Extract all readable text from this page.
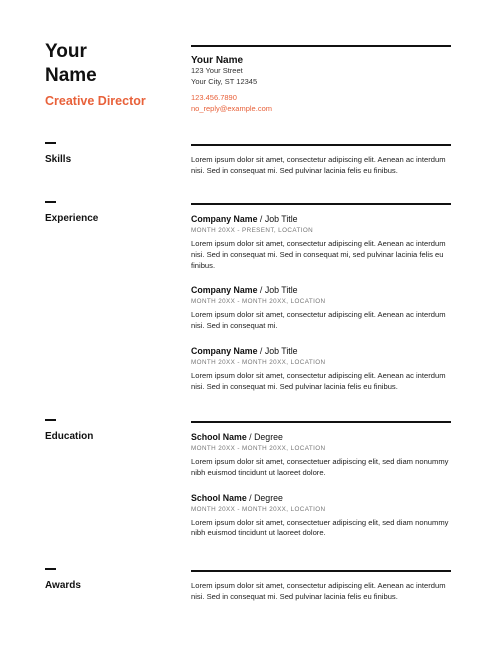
Your
Name
Creative Director
Your Name
123 Your Street
Your City, ST 12345
123.456.7890
no_reply@example.com
Skills	Lorem ipsum dolor sit amet, consectetur adipiscing elit. Aenean ac interdum nisi. Sed in consequat mi. Sed pulvinar lacinia felis eu finibus.
Experience	Company Name / Job Title
MONTH 20XX - PRESENT, LOCATION
Lorem ipsum dolor sit amet, consectetur adipiscing elit. Aenean ac interdum nisi. Sed in consequat mi. Sed in consequat mi, sed pulvinar lacinia felis eu finibus.
Company Name / Job Title
MONTH 20XX - MONTH 20XX, LOCATION
Lorem ipsum dolor sit amet, consectetur adipiscing elit. Aenean ac interdum nisi. Sed in consequat mi.
Company Name / Job Title
MONTH 20XX - MONTH 20XX, LOCATION
Lorem ipsum dolor sit amet, consectetur adipiscing elit. Aenean ac interdum nisi. Sed in consequat mi. Sed pulvinar lacinia felis eu finibus.
Education	School Name / Degree
MONTH 20XX - MONTH 20XX, LOCATION
Lorem ipsum dolor sit amet, consectetuer adipiscing elit, sed diam nonummy nibh euismod tincidunt ut laoreet dolore.
School Name / Degree
MONTH 20XX - MONTH 20XX, LOCATION
Lorem ipsum dolor sit amet, consectetuer adipiscing elit, sed diam nonummy nibh euismod tincidunt ut laoreet dolore.
Awards	Lorem ipsum dolor sit amet, consectetur adipiscing elit. Aenean ac interdum nisi. Sed in consequat mi. Sed pulvinar lacinia felis eu finibus.
